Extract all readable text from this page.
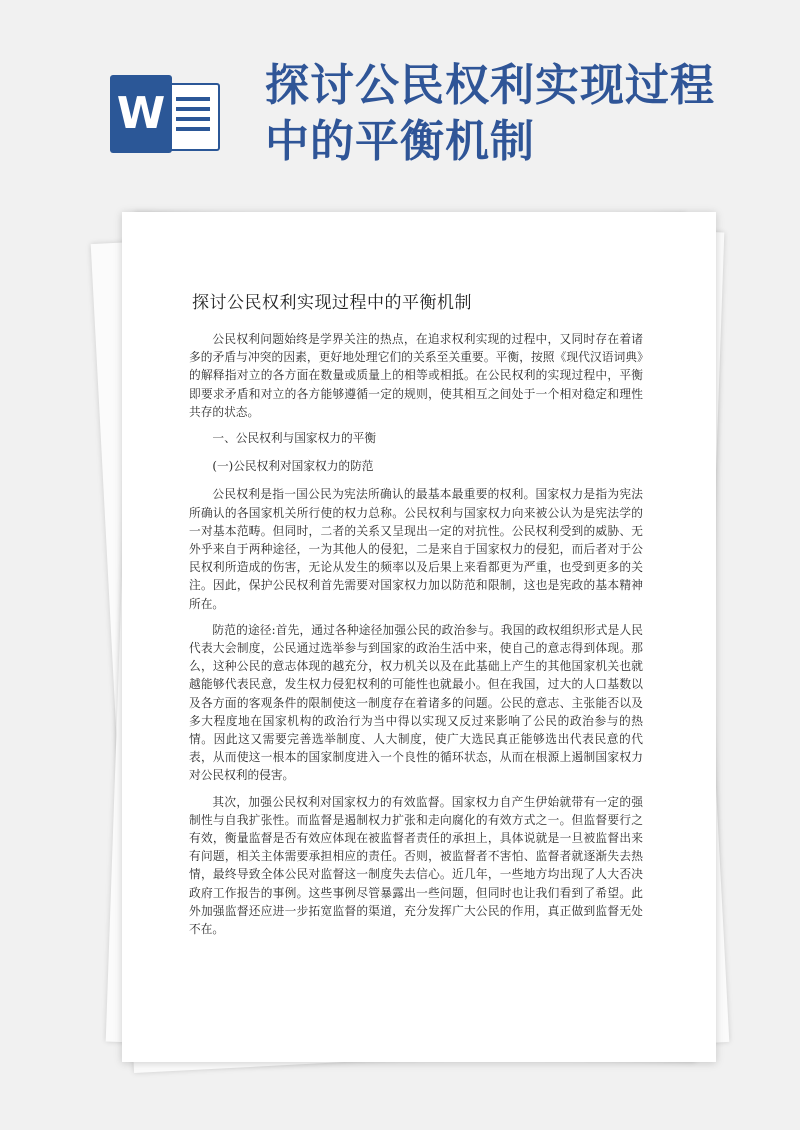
W
探讨公民权利实现过程
中的平衡机制
探讨公民权利实现过程中的平衡机制

公民权利问题始终是学界关注的热点，在追求权利实现的过程中，又同时存在着诸多的矛盾与冲突的因素，更好地处理它们的关系至关重要。平衡，按照《现代汉语词典》的解释指对立的各方面在数量或质量上的相等或相抵。在公民权利的实现过程中，平衡即要求矛盾和对立的各方能够遵循一定的规则，使其相互之间处于一个相对稳定和理性共存的状态。

一、公民权利与国家权力的平衡

(一)公民权利对国家权力的防范

公民权利是指一国公民为宪法所确认的最基本最重要的权利。国家权力是指为宪法所确认的各国家机关所行使的权力总称。公民权利与国家权力向来被公认为是宪法学的一对基本范畴。但同时，二者的关系又呈现出一定的对抗性。公民权利受到的威胁、无外乎来自于两种途径，一为其他人的侵犯，二是来自于国家权力的侵犯，而后者对于公民权利所造成的伤害，无论从发生的频率以及后果上来看都更为严重，也受到更多的关注。因此，保护公民权利首先需要对国家权力加以防范和限制，这也是宪政的基本精神所在。

防范的途径:首先，通过各种途径加强公民的政治参与。我国的政权组织形式是人民代表大会制度，公民通过选举参与到国家的政治生活中来，使自己的意志得到体现。那么，这种公民的意志体现的越充分，权力机关以及在此基础上产生的其他国家机关也就越能够代表民意，发生权力侵犯权利的可能性也就最小。但在我国，过大的人口基数以及各方面的客观条件的限制使这一制度存在着诸多的问题。公民的意志、主张能否以及多大程度地在国家机构的政治行为当中得以实现又反过来影响了公民的政治参与的热情。因此这又需要完善选举制度、人大制度，使广大选民真正能够选出代表民意的代表，从而使这一根本的国家制度进入一个良性的循环状态，从而在根源上遏制国家权力对公民权利的侵害。

其次，加强公民权利对国家权力的有效监督。国家权力自产生伊始就带有一定的强制性与自我扩张性。而监督是遏制权力扩张和走向腐化的有效方式之一。但监督要行之有效，衡量监督是否有效应体现在被监督者责任的承担上，具体说就是一旦被监督出来有问题，相关主体需要承担相应的责任。否则，被监督者不害怕、监督者就逐渐失去热情，最终导致全体公民对监督这一制度失去信心。近几年，一些地方均出现了人大否决政府工作报告的事例。这些事例尽管暴露出一些问题，但同时也让我们看到了希望。此外加强监督还应进一步拓宽监督的渠道，充分发挥广大公民的作用，真正做到监督无处不在。
